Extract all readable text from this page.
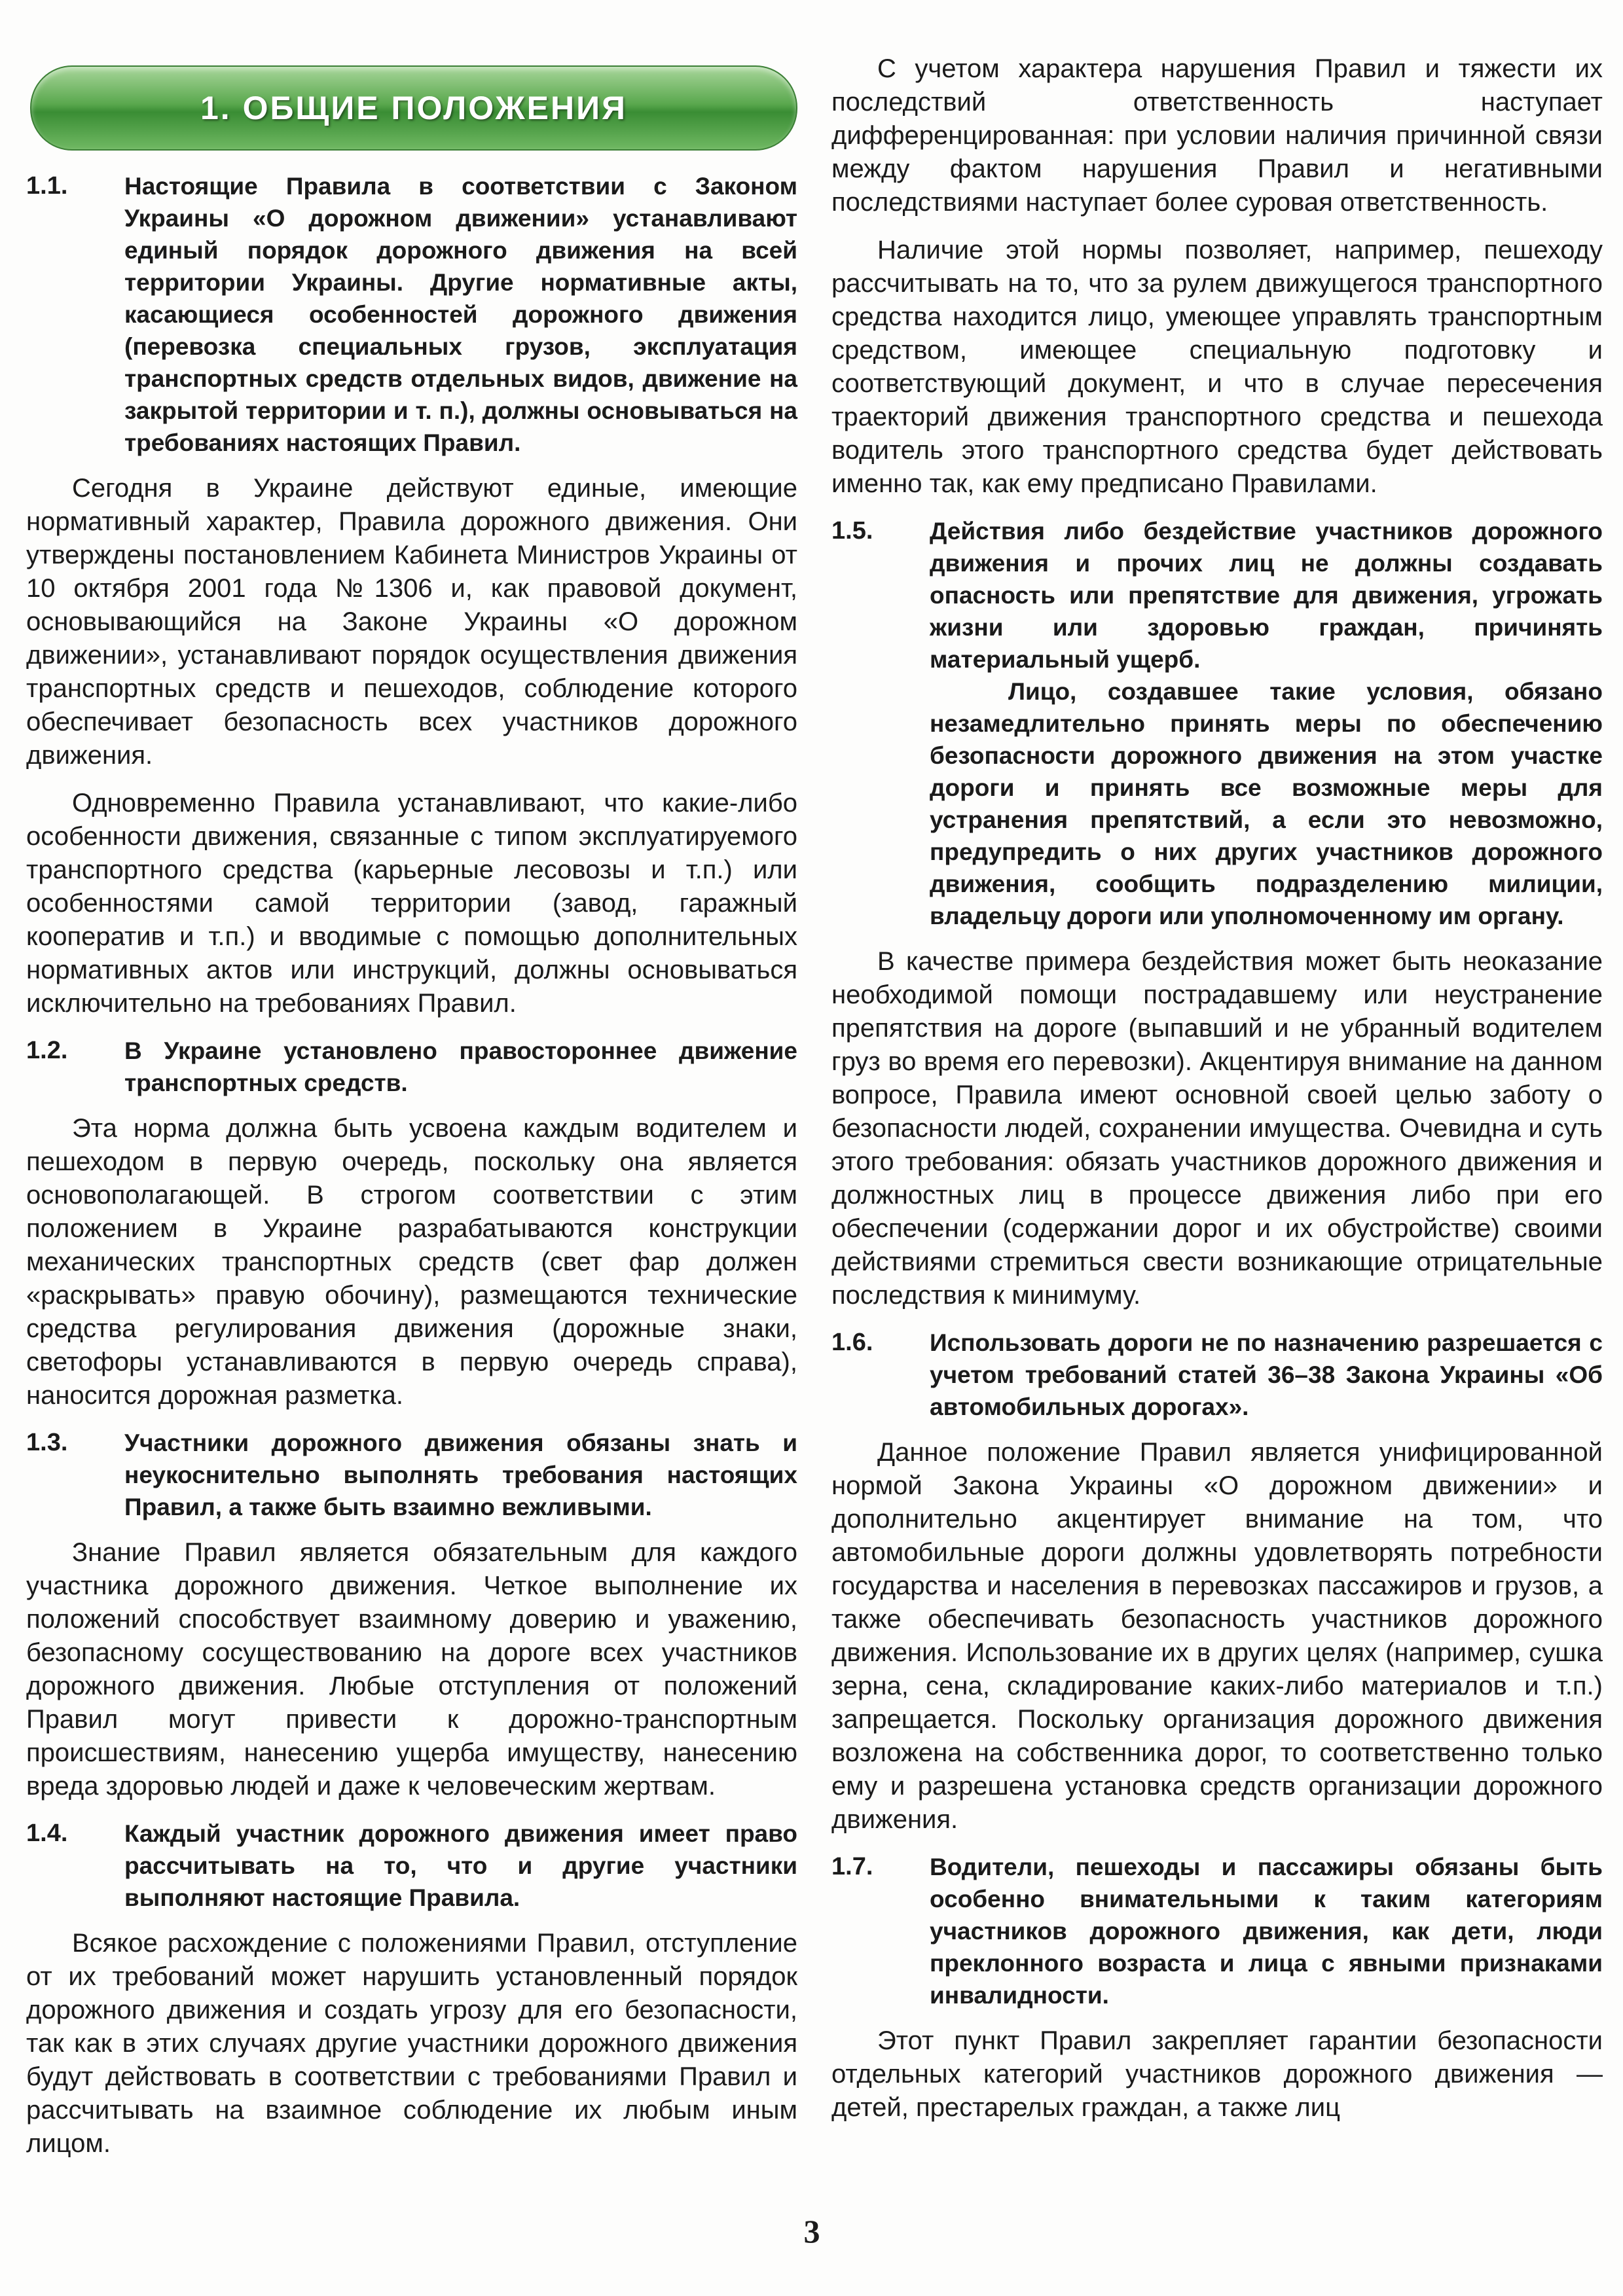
1. ОБЩИЕ ПОЛОЖЕНИЯ
1.1.	Настоящие Правила в соответствии с Законом Украины «О дорожном движении» устанавливают единый порядок дорожного движения на всей территории Украины. Другие нормативные акты, касающиеся особенностей дорожного движения (перевозка специальных грузов, эксплуатация транспортных средств отдельных видов, движение на закрытой территории и т. п.), должны основываться на требованиях настоящих Правил.

Сегодня в Украине действуют единые, имеющие нормативный характер, Правила дорожного движения. Они утверждены постановлением Кабинета Министров Украины от 10 октября 2001 года №1306 и, как правовой документ, основывающийся на Законе Украины «О дорожном движении», устанавливают порядок осуществления движения транспортных средств и пешеходов, соблюдение которого обеспечивает безопасность всех участников дорожного движения.

Одновременно Правила устанавливают, что какие-либо особенности движения, связанные с типом эксплуатируемого транспортного средства (карьерные лесовозы и т.п.) или особенностями самой территории (завод, гаражный кооператив и т.п.) и вводимые с помощью дополнительных нормативных актов или инструкций, должны основываться исключительно на требованиях Правил.

1.2.	В Украине установлено правостороннее движение транспортных средств.

Эта норма должна быть усвоена каждым водителем и пешеходом в первую очередь, поскольку она является основополагающей. В строгом соответствии с этим положением в Украине разрабатываются конструкции механических транспортных средств (свет фар должен «раскрывать» правую обочину), размещаются технические средства регулирования движения (дорожные знаки, светофоры устанавливаются в первую очередь справа), наносится дорожная разметка.

1.3.	Участники дорожного движения обязаны знать и неукоснительно выполнять требования настоящих Правил, а также быть взаимно вежливыми.

Знание Правил является обязательным для каждого участника дорожного движения. Четкое выполнение их положений способствует взаимному доверию и уважению, безопасному сосуществованию на дороге всех участников дорожного движения. Любые отступления от положений Правил могут привести к дорожно-транспортным происшествиям, нанесению ущерба имуществу, нанесению вреда здоровью людей и даже к человеческим жертвам.

1.4.	Каждый участник дорожного движения имеет право рассчитывать на то, что и другие участники выполняют настоящие Правила.

Всякое расхождение с положениями Правил, отступление от их требований может нарушить установленный порядок дорожного движения и создать угрозу для его безопасности, так как в этих случаях другие участники дорожного движения будут действовать в соответствии с требованиями Правил и рассчитывать на взаимное соблюдение их любым иным лицом.

С учетом характера нарушения Правил и тяжести их последствий ответственность наступает дифференцированная: при условии наличия причинной связи между фактом нарушения Правил и негативными последствиями наступает более суровая ответственность.

Наличие этой нормы позволяет, например, пешеходу рассчитывать на то, что за рулем движущегося транспортного средства находится лицо, умеющее управлять транспортным средством, имеющее специальную подготовку и соответствующий документ, и что в случае пересечения траекторий движения транспортного средства и пешехода водитель этого транспортного средства будет действовать именно так, как ему предписано Правилами.

1.5.	Действия либо бездействие участников дорожного движения и прочих лиц не должны создавать опасность или препятствие для движения, угрожать жизни или здоровью граждан, причинять материальный ущерб.

Лицо, создавшее такие условия, обязано незамедлительно принять меры по обеспечению безопасности дорожного движения на этом участке дороги и принять все возможные меры для устранения препятствий, а если это невозможно, предупредить о них других участников дорожного движения, сообщить подразделению милиции, владельцу дороги или уполномоченному им органу.

В качестве примера бездействия может быть неоказание необходимой помощи пострадавшему или неустранение препятствия на дороге (выпавший и не убранный водителем груз во время его перевозки). Акцентируя внимание на данном вопросе, Правила имеют основной своей целью заботу о безопасности людей, сохранении имущества. Очевидна и суть этого требования: обязать участников дорожного движения и должностных лиц в процессе движения либо при его обеспечении (содержании дорог и их обустройстве) своими действиями стремиться свести возникающие отрицательные последствия к минимуму.

1.6.	Использовать дороги не по назначению разрешается с учетом требований статей 36–38 Закона Украины «Об автомобильных дорогах».

Данное положение Правил является унифицированной нормой Закона Украины «О дорожном движении» и дополнительно акцентирует внимание на том, что автомобильные дороги должны удовлетворять потребности государства и населения в перевозках пассажиров и грузов, а также обеспечивать безопасность участников дорожного движения. Использование их в других целях (например, сушка зерна, сена, складирование каких-либо материалов и т.п.) запрещается. Поскольку организация дорожного движения возложена на собственника дорог, то соответственно только ему и разрешена установка средств организации дорожного движения.

1.7.	Водители, пешеходы и пассажиры обязаны быть особенно внимательными к таким категориям участников дорожного движения, как дети, люди преклонного возраста и лица с явными признаками инвалидности.

Этот пункт Правил закрепляет гарантии безопасности отдельных категорий участников дорожного движения — детей, престарелых граждан, а также лиц

3
